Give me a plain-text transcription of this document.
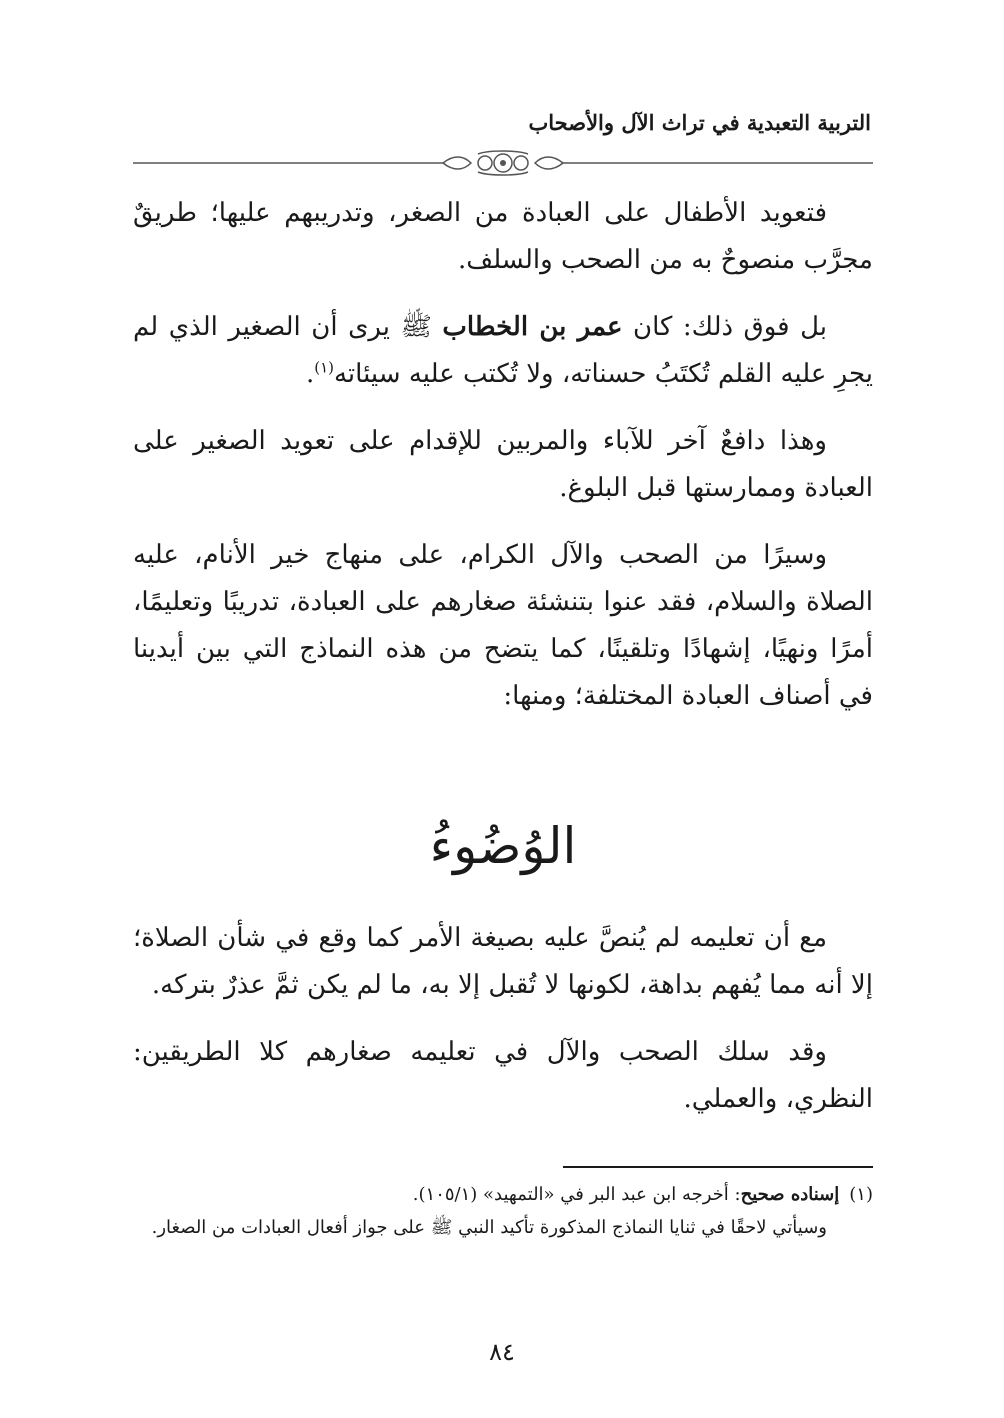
التربية التعبدية في تراث الآل والأصحاب

فتعويد الأطفال على العبادة من الصغر، وتدريبهم عليها؛ طريقٌ مجرَّب منصوحٌ به من الصحب والسلف.

بل فوق ذلك: كان عمر بن الخطاب ﷺ يرى أن الصغير الذي لم يجرِ عليه القلم تُكتَبُ حسناته، ولا تُكتب عليه سيئاته$^{(١)}$.

وهذا دافعٌ آخر للآباء والمربين للإقدام على تعويد الصغير على العبادة وممارستها قبل البلوغ.

وسيرًا من الصحب والآل الكرام، على منهاج خير الأنام، عليه الصلاة والسلام، فقد عنوا بتنشئة صغارهم على العبادة، تدريبًا وتعليمًا، أمرًا ونهيًا، إشهادًا وتلقينًا، كما يتضح من هذه النماذج التي بين أيدينا في أصناف العبادة المختلفة؛ ومنها:

الوُضُوءُ

مع أن تعليمه لم يُنصَّ عليه بصيغة الأمر كما وقع في شأن الصلاة؛ إلا أنه مما يُفهم بداهة، لكونها لا تُقبل إلا به، ما لم يكن ثمَّ عذرٌ بتركه.

وقد سلك الصحب والآل في تعليمه صغارهم كلا الطريقين: النظري، والعملي.

(١)إسناده صحيح: أخرجه ابن عبد البر في «التمهيد» (١٠٥/١).
وسيأتي لاحقًا في ثنايا النماذج المذكورة تأكيد النبي ﷺ على جواز أفعال العبادات من الصغار.
٨٤
